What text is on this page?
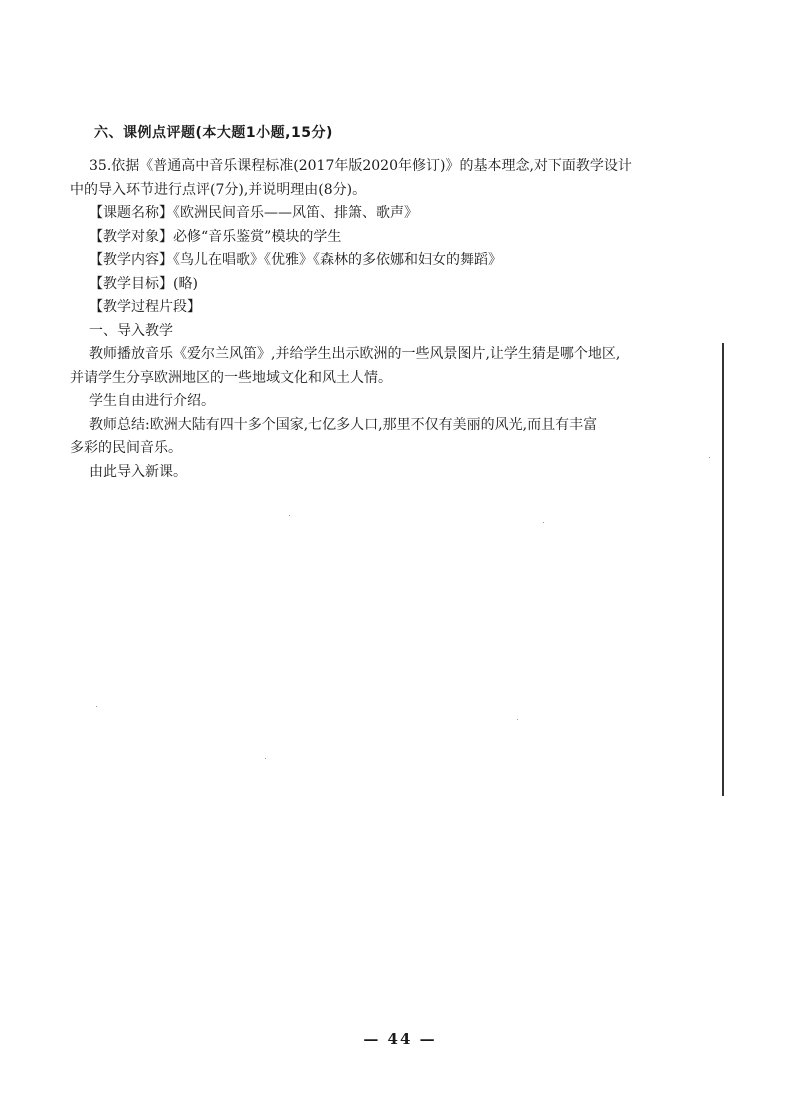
六、课例点评题(本大题1小题,15分)

35.依据《普通高中音乐课程标准(2017年版2020年修订)》的基本理念,对下面教学设计

中的导入环节进行点评(7分),并说明理由(8分)。

【课题名称】《欧洲民间音乐——风笛、排箫、歌声》

【教学对象】必修“音乐鉴赏”模块的学生

【教学内容】《鸟儿在唱歌》《优雅》《森林的多依娜和妇女的舞蹈》

【教学目标】(略)

【教学过程片段】

一、导入教学

教师播放音乐《爱尔兰风笛》,并给学生出示欧洲的一些风景图片,让学生猜是哪个地区,

并请学生分享欧洲地区的一些地域文化和风土人情。

学生自由进行介绍。

教师总结:欧洲大陆有四十多个国家,七亿多人口,那里不仅有美丽的风光,而且有丰富

多彩的民间音乐。

由此导入新课。

— 44 —
